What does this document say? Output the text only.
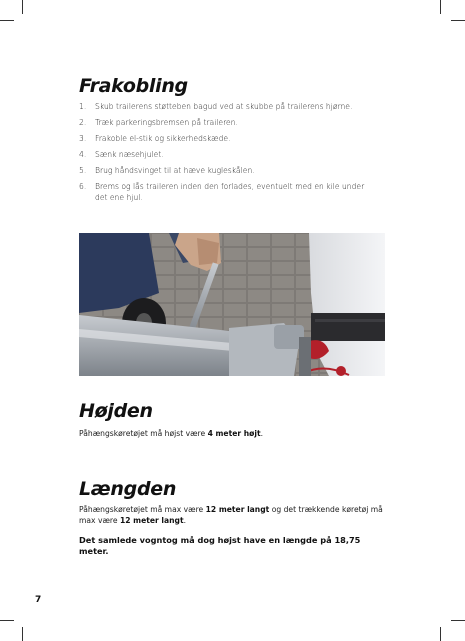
Frakobling
1.	Skub trailerens støtteben bagud ved at skubbe på trailerens hjørne.
2.	Træk parkeringsbremsen på traileren.
3.	Frakoble el-stik og sikkerhedskæde.
4.	Sænk næsehjulet.
5.	Brug håndsvinget til at hæve kugleskålen.
6.	Brems og lås traileren inden den forlades, eventuelt med en kile under det ene hjul.
Højden

Påhængskøretøjet må højst være 4 meter højt.

Længden

Påhængskøretøjet må max være 12 meter langt og det trækkende køretøj må max være 12 meter langt.

Det samlede vogntog må dog højst have en længde på 18,75 meter.

7
